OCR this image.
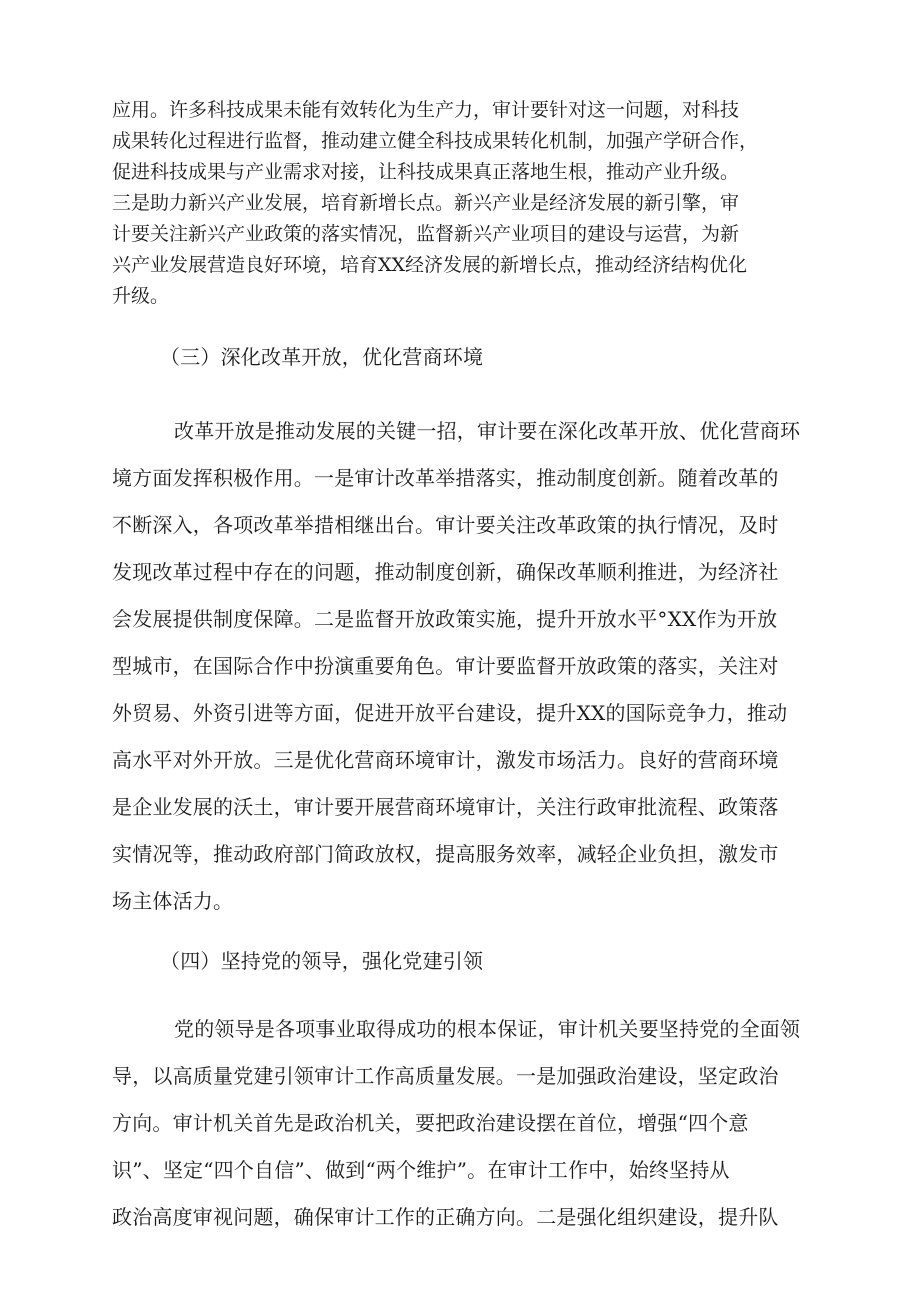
应用。许多科技成果未能有效转化为生产力，审计要针对这一问题，对科技
成果转化过程进行监督，推动建立健全科技成果转化机制，加强产学研合作，
促进科技成果与产业需求对接，让科技成果真正落地生根，推动产业升级。
三是助力新兴产业发展，培育新增长点。新兴产业是经济发展的新引擎，审
计要关注新兴产业政策的落实情况，监督新兴产业项目的建设与运营，为新
兴产业发展营造良好环境，培育XX经济发展的新增长点，推动经济结构优化
升级。
（三）深化改革开放，优化营商环境
改革开放是推动发展的关键一招，审计要在深化改革开放、优化营商环
境方面发挥积极作用。一是审计改革举措落实，推动制度创新。随着改革的
不断深入，各项改革举措相继出台。审计要关注改革政策的执行情况，及时
发现改革过程中存在的问题，推动制度创新，确保改革顺利推进，为经济社
会发展提供制度保障。二是监督开放政策实施，提升开放水平°XX作为开放
型城市，在国际合作中扮演重要角色。审计要监督开放政策的落实，关注对
外贸易、外资引进等方面，促进开放平台建设，提升XX的国际竞争力，推动
高水平对外开放。三是优化营商环境审计，激发市场活力。良好的营商环境
是企业发展的沃土，审计要开展营商环境审计，关注行政审批流程、政策落
实情况等，推动政府部门简政放权，提高服务效率，减轻企业负担，激发市
场主体活力。
（四）坚持党的领导，强化党建引领
党的领导是各项事业取得成功的根本保证，审计机关要坚持党的全面领
导，以高质量党建引领审计工作高质量发展。一是加强政治建设，坚定政治
方向。审计机关首先是政治机关，要把政治建设摆在首位，增强“四个意
识”、坚定“四个自信”、做到“两个维护”。在审计工作中，始终坚持从
政治高度审视问题，确保审计工作的正确方向。二是强化组织建设，提升队
